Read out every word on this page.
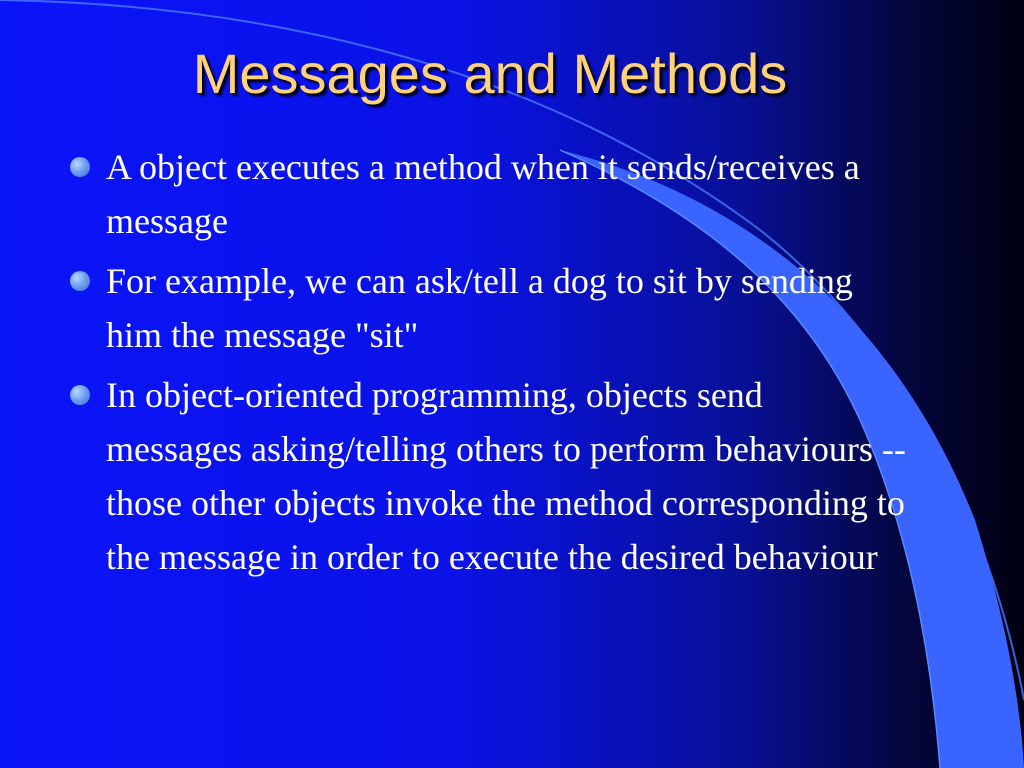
Messages and Methods
A object executes a method when it sends/receives a message
For example, we can ask/tell a dog to sit by sending him the message "sit"
In object-oriented programming, objects send messages asking/telling others to perform behaviours -- those other objects invoke the method corresponding to the message in order to execute the desired behaviour
